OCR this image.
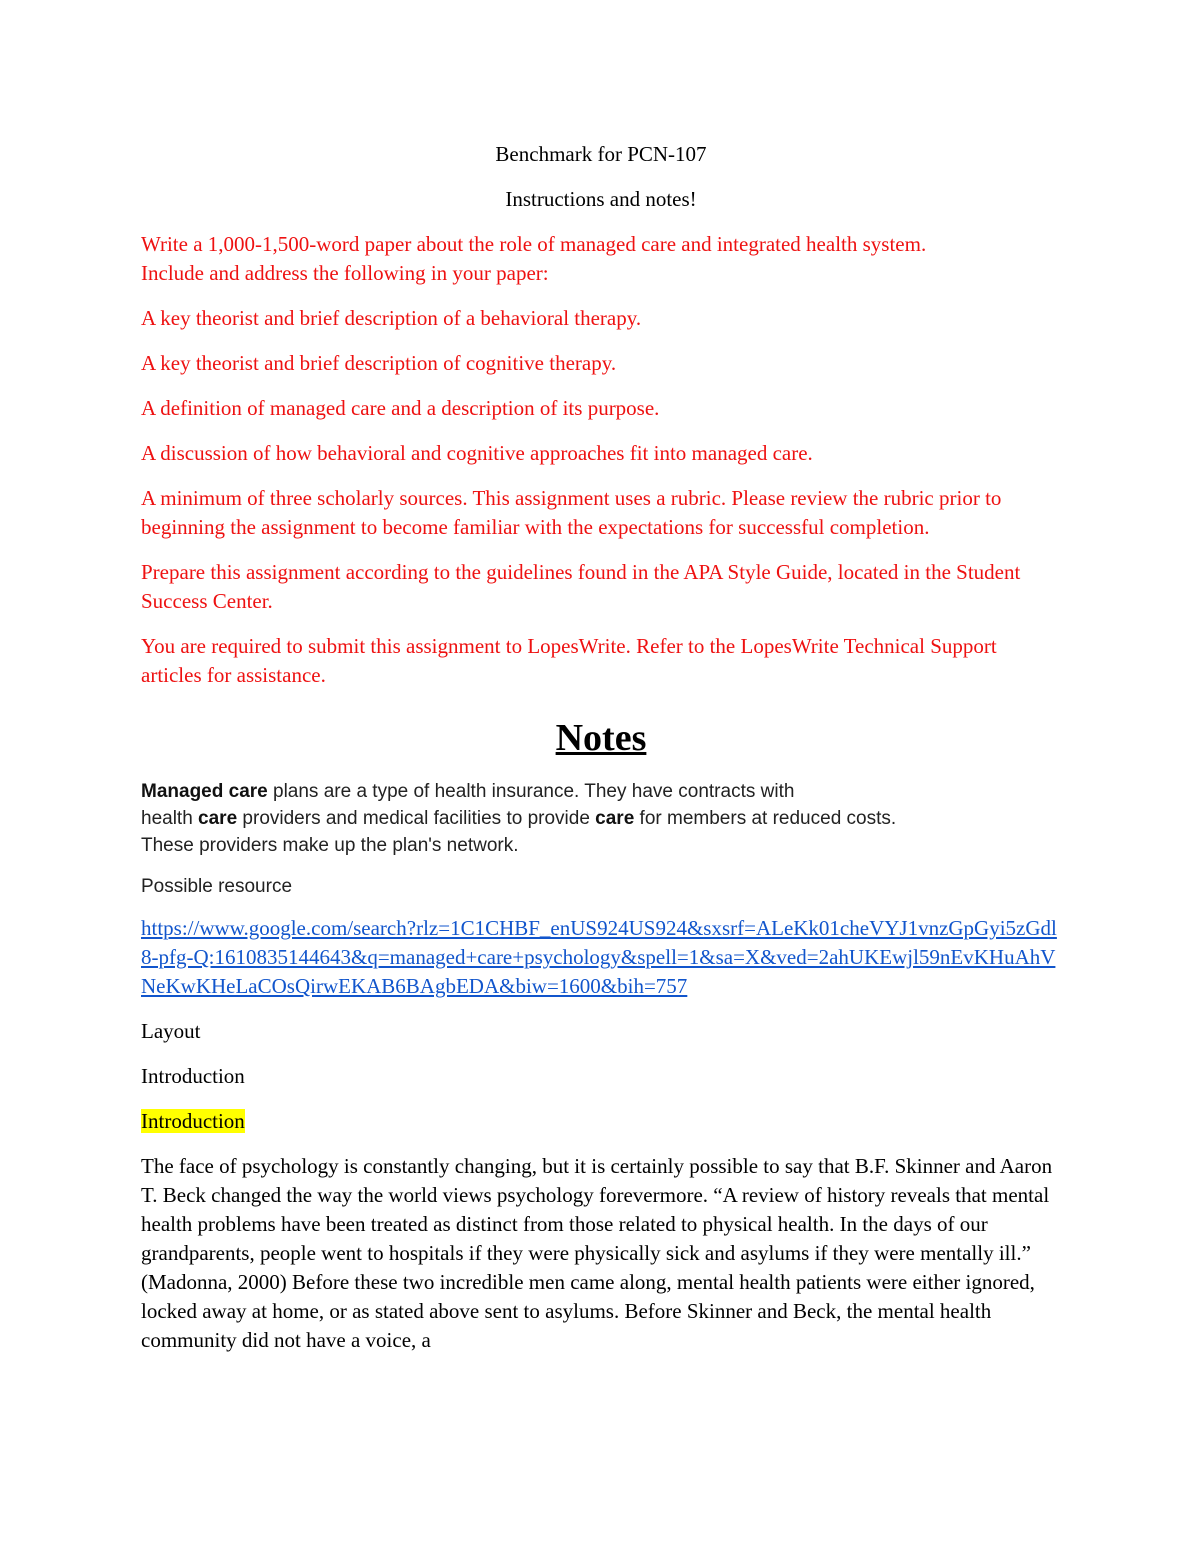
Benchmark for PCN-107

Instructions and notes!

Write a 1,000-1,500-word paper about the role of managed care and integrated health system.
Include and address the following in your paper:

A key theorist and brief description of a behavioral therapy.

A key theorist and brief description of cognitive therapy.

A definition of managed care and a description of its purpose.

A discussion of how behavioral and cognitive approaches fit into managed care.

A minimum of three scholarly sources. This assignment uses a rubric. Please review the rubric prior to beginning the assignment to become familiar with the expectations for successful completion.

Prepare this assignment according to the guidelines found in the APA Style Guide, located in the Student Success Center.

You are required to submit this assignment to LopesWrite. Refer to the LopesWrite Technical Support articles for assistance.

Notes

Managed care plans are a type of health insurance. They have contracts with
health care providers and medical facilities to provide care for members at reduced costs.
These providers make up the plan's network.

Possible resource

https://www.google.com/search?rlz=1C1CHBF_enUS924US924&sxsrf=ALeKk01cheVYJ1vnzGpGyi5zGdl8-pfg-Q:1610835144643&q=managed+care+psychology&spell=1&sa=X&ved=2ahUKEwjl59nEvKHuAhVNeKwKHeLaCOsQirwEKAB6BAgbEDA&biw=1600&bih=757

Layout

Introduction

Introduction

The face of psychology is constantly changing, but it is certainly possible to say that B.F. Skinner and Aaron T. Beck changed the way the world views psychology forevermore. “A review of history reveals that mental health problems have been treated as distinct from those related to physical health. In the days of our grandparents, people went to hospitals if they were physically sick and asylums if they were mentally ill.” (Madonna, 2000) Before these two incredible men came along, mental health patients were either ignored, locked away at home, or as stated above sent to asylums. Before Skinner and Beck, the mental health community did not have a voice, a
